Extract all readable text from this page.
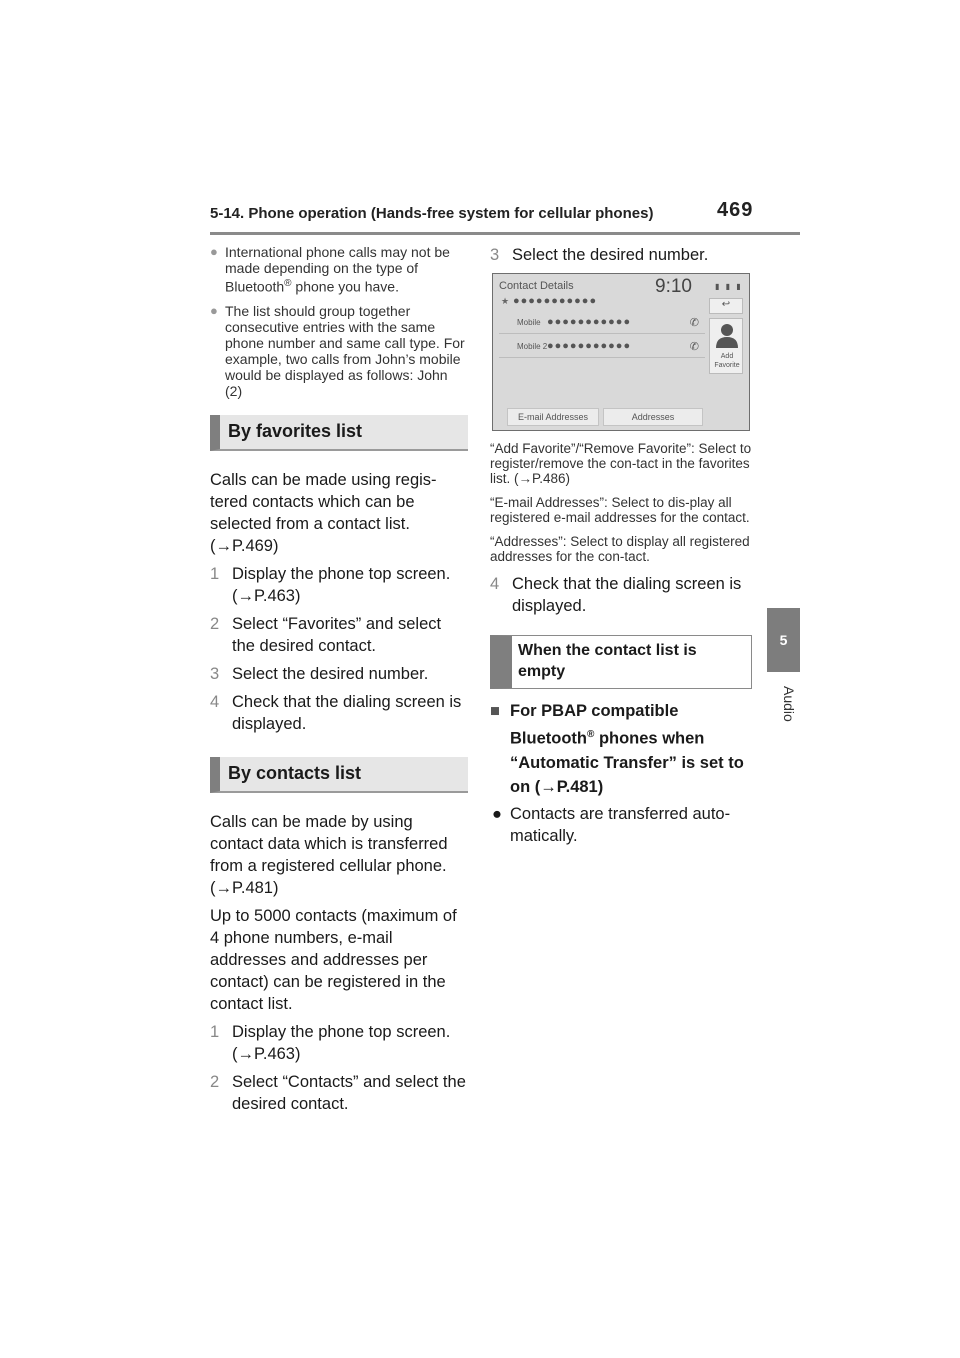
5-14. Phone operation (Hands-free system for cellular phones)	469
5
Audio
● International phone calls may not be made depending on the type of Bluetooth® phone you have.
● The list should group together consecutive entries with the same phone number and same call type. For example, two calls from John’s mobile would be displayed as follows: John (2)
By favorites list
Calls can be made using regis-tered contacts which can be selected from a contact list. (→P.469)
1 Display the phone top screen. (→P.463)
2 Select “Favorites” and select the desired contact.
3 Select the desired number.
4 Check that the dialing screen is displayed.
By contacts list
Calls can be made by using contact data which is transferred from a registered cellular phone. (→P.481)
Up to 5000 contacts (maximum of 4 phone numbers, e-mail addresses and addresses per contact) can be registered in the contact list.
1 Display the phone top screen. (→P.463)
2 Select “Contacts” and select the desired contact.
3 Select the desired number.
Contact Details	9:10	▮ ▮ ▮
★ ●●●●●●●●●●●
Mobile ●●●●●●●●●●●	✆
Mobile 2 ●●●●●●●●●●●	✆
↩
Add Favorite
E-mail Addresses	Addresses
“Add Favorite”/“Remove Favorite”: Select to register/remove the con-tact in the favorites list. (→P.486)
“E-mail Addresses”: Select to dis-play all registered e-mail addresses for the contact.
“Addresses”: Select to display all registered addresses for the con-tact.
4 Check that the dialing screen is displayed.
When the contact list is empty
■ For PBAP compatible Bluetooth® phones when “Automatic Transfer” is set to on (→P.481)
● Contacts are transferred auto-matically.
